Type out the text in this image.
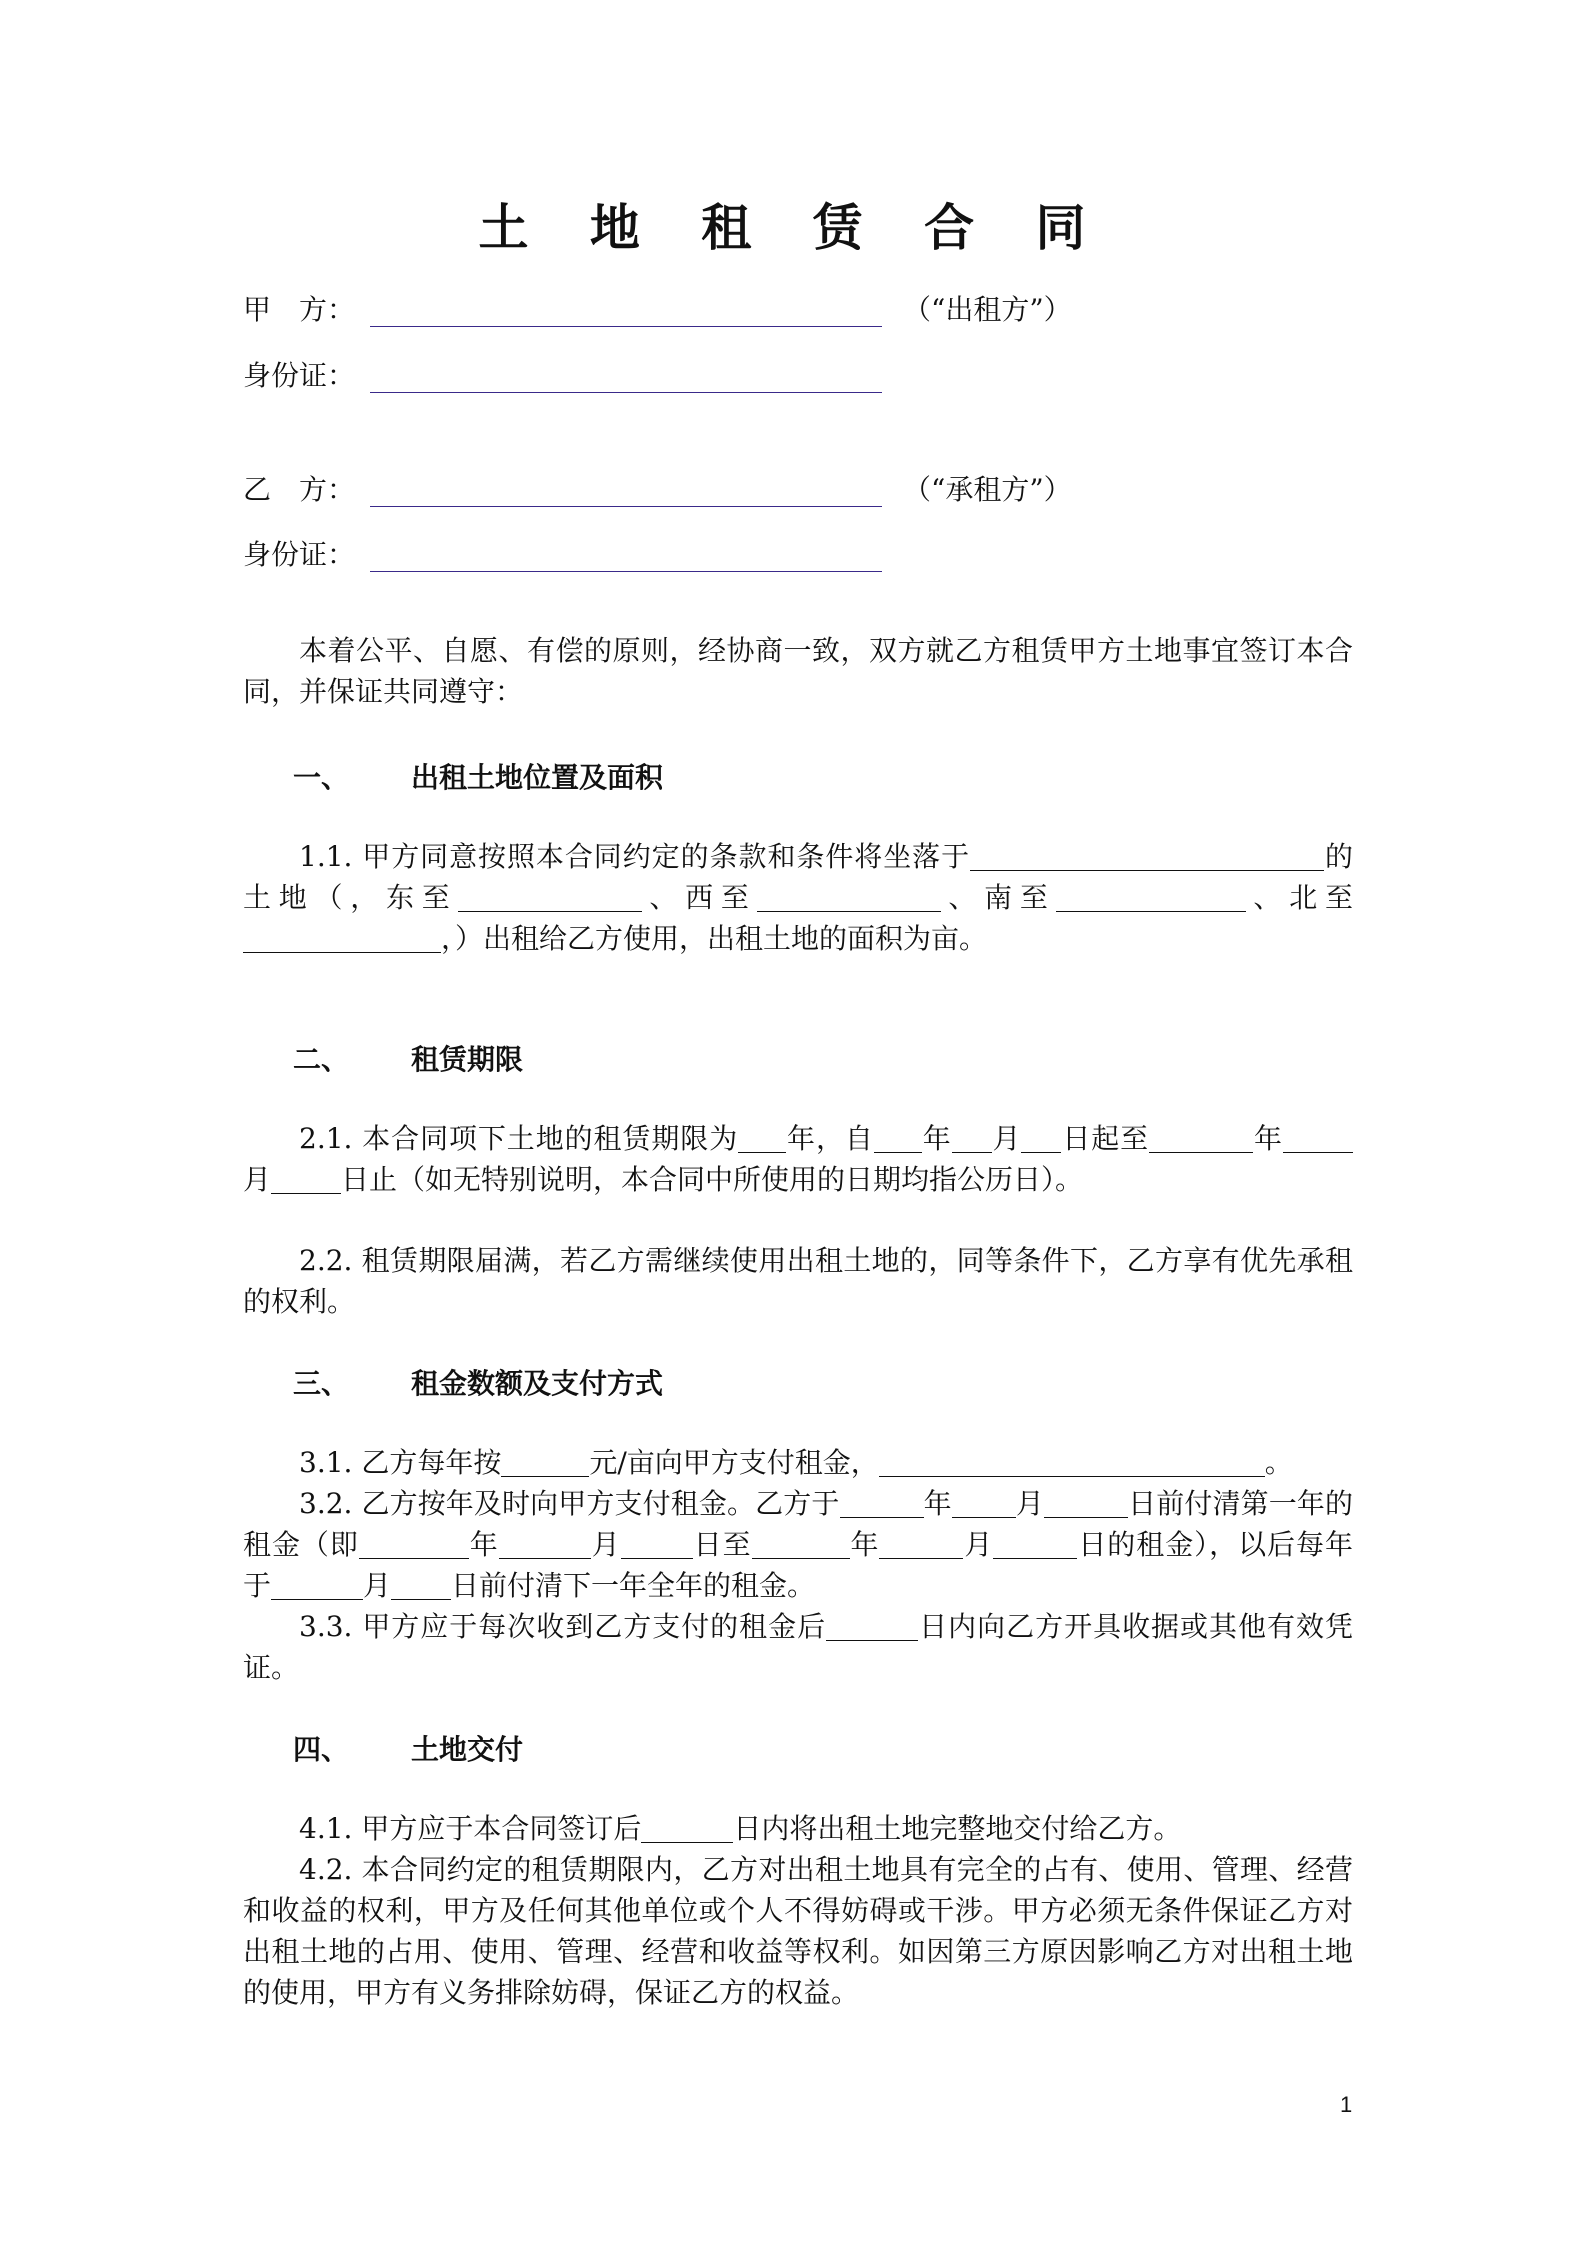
土 地 租 赁 合 同
甲　方：	（“出租方”）
身份证：
乙　方：	（“承租方”）
身份证：
本着公平、自愿、有偿的原则，经协商一致，双方就乙方租赁甲方土地事宜签订本合同，并保证共同遵守：
一、 出租土地位置及面积
1.1. 甲方同意按照本合同约定的条款和条件将坐落于	的土地（，东至	、西至	、南至	、北至，）出租给乙方使用，出租土地的面积为亩。
二、 租赁期限
2.1. 本合同项下土地的租赁期限为 年，自 年 月 日起至	年月	日止（如无特别说明，本合同中所使用的日期均指公历日）。
2.2. 租赁期限届满，若乙方需继续使用出租土地的，同等条件下，乙方享有优先承租的权利。
三、 租金数额及支付方式
3.1. 乙方每年按	元/亩向甲方支付租金，	。
3.2. 乙方按年及时向甲方支付租金。乙方于	年 月	日前付清第一年的租金（即	年	月	日至	年	月	日的租金），以后每年于	月 日前付清下一年全年的租金。
3.3. 甲方应于每次收到乙方支付的租金后	日内向乙方开具收据或其他有效凭证。
四、 土地交付
4.1. 甲方应于本合同签订后	日内将出租土地完整地交付给乙方。
4.2. 本合同约定的租赁期限内，乙方对出租土地具有完全的占有、使用、管理、经营和收益的权利，甲方及任何其他单位或个人不得妨碍或干涉。甲方必须无条件保证乙方对出租土地的占用、使用、管理、经营和收益等权利。如因第三方原因影响乙方对出租土地的使用，甲方有义务排除妨碍，保证乙方的权益。
1
